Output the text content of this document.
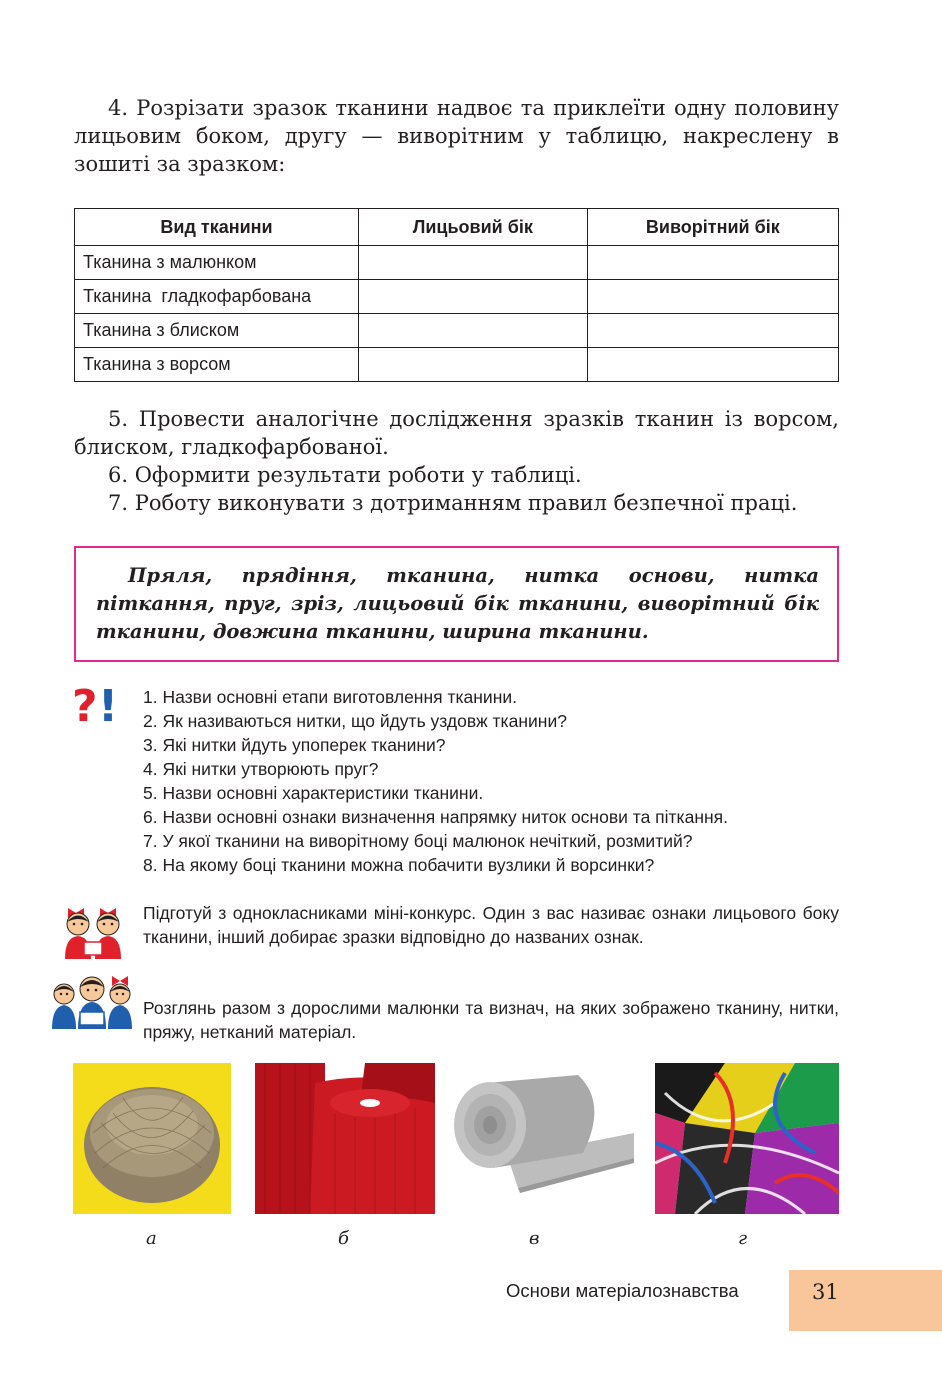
4. Розрізати зразок тканини надвоє та приклеїти одну половину лицьовим боком, другу — виворітним у таблицю, накреслену в зошиті за зразком:

Вид тканини	Лицьовий бік	Виворітний бік
Тканина з малюнком		
Тканина  гладкофарбована		
Тканина з блиском		
Тканина з ворсом		

5. Провести аналогічне дослідження зразків тканин із ворсом, блиском, гладкофарбованої.

6. Оформити результати роботи у таблиці.

7. Роботу виконувати з дотриманням правил безпечної праці.

Пряля, прядіння, тканина, нитка основи, нитка піткання, пруг, зріз, лицьовий бік тканини, виворітний бік тканини, довжина тканини, ширина тканини.
? ! 1. Назви основні етапи виготовлення тканини.
2. Як називаються нитки, що йдуть уздовж тканини?
3. Які нитки йдуть упоперек тканини?
4. Які нитки утворюють пруг?
5. Назви основні характеристики тканини.
6. Назви основні ознаки визначення напрямку ниток основи та піткання.
7. У якої тканини на виворітному боці малюнок нечіткий, розмитий?
8. На якому боці тканини можна побачити вузлики й ворсинки?
Підготуй з однокласниками міні-конкурс. Один з вас називає ознаки лицьового боку тканини, інший добирає зразки відповідно до названих ознак.
Розглянь разом з дорослими малюнки та визнач, на яких зображено тканину, нитки, пряжу, нетканий матеріал.
а	б	в	г
Основи матеріалознавства	31
